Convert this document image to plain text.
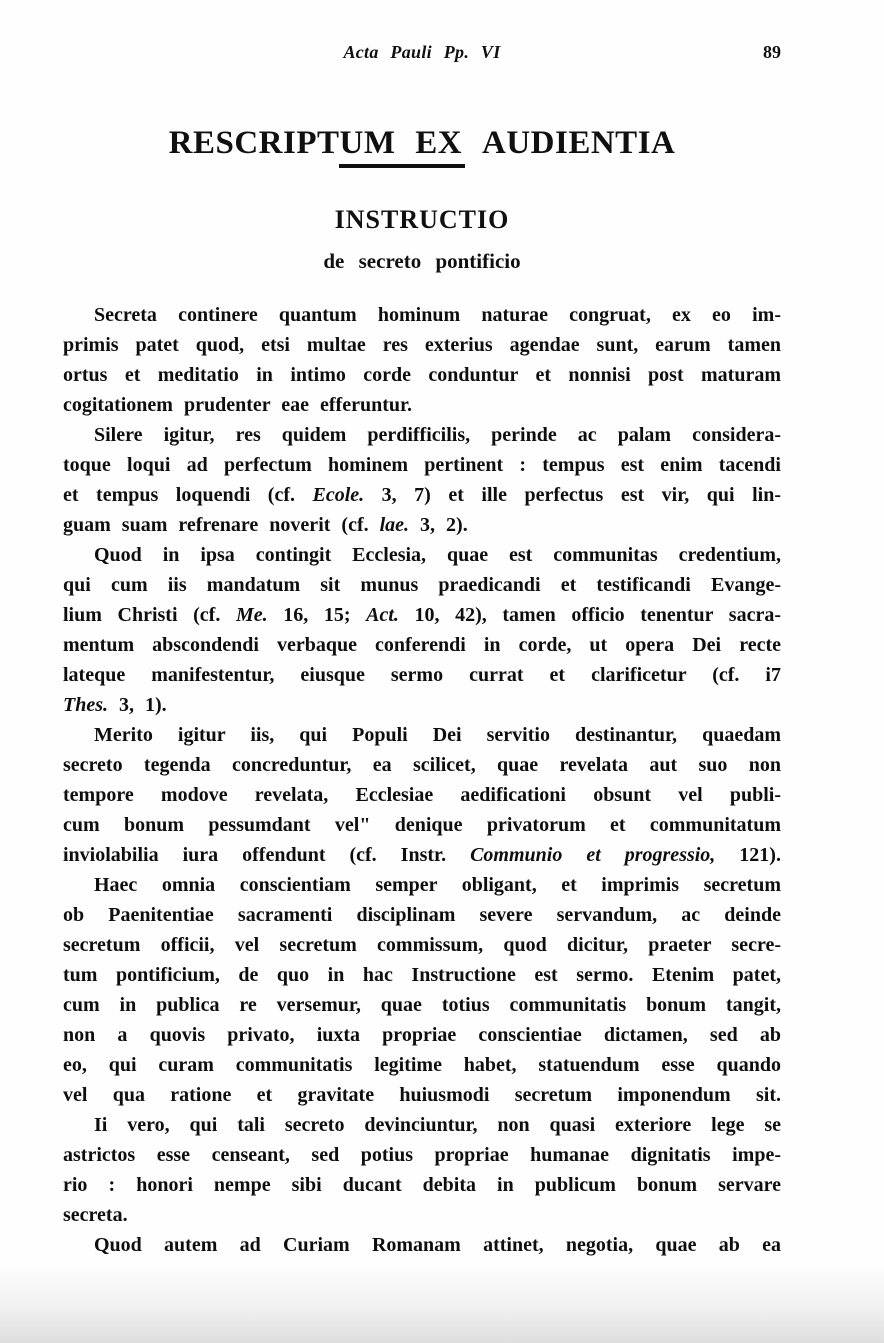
Acta Pauli Pp. VI	89
RESCRIPTUM EX AUDIENTIA
INSTRUCTIO
de secreto pontificio
Secreta continere quantum hominum naturae congruat, ex eo im-
primis patet quod, etsi multae res exterius agendae sunt, earum tamen
ortus et meditatio in intimo corde conduntur et nonnisi post maturam
cogitationem prudenter eae efferuntur.
Silere igitur, res quidem perdifficilis, perinde ac palam considera-
toque loqui ad perfectum hominem pertinent : tempus est enim tacendi
et tempus loquendi (cf. Ecole. 3, 7) et ille perfectus est vir, qui lin-
guam suam refrenare noverit (cf. lae. 3, 2).
Quod in ipsa contingit Ecclesia, quae est communitas credentium,
qui cum iis mandatum sit munus praedicandi et testificandi Evange-
lium Christi (cf. Me. 16, 15; Act. 10, 42), tamen officio tenentur sacra-
mentum abscondendi verbaque conferendi in corde, ut opera Dei recte
lateque manifestentur, eiusque sermo currat et clarificetur (cf. i7
Thes. 3, 1).
Merito igitur iis, qui Populi Dei servitio destinantur, quaedam
secreto tegenda concreduntur, ea scilicet, quae revelata aut suo non
tempore modove revelata, Ecclesiae aedificationi obsunt vel publi-
cum bonum pessumdant vel" denique privatorum et communitatum
inviolabilia iura offendunt (cf. Instr. Communio et progressio, 121).
Haec omnia conscientiam semper obligant, et imprimis secretum
ob Paenitentiae sacramenti disciplinam severe servandum, ac deinde
secretum officii, vel secretum commissum, quod dicitur, praeter secre-
tum pontificium, de quo in hac Instructione est sermo. Etenim patet,
cum in publica re versemur, quae totius communitatis bonum tangit,
non a quovis privato, iuxta propriae conscientiae dictamen, sed ab
eo, qui curam communitatis legitime habet, statuendum esse quando
vel qua ratione et gravitate huiusmodi secretum imponendum sit.
Ii vero, qui tali secreto devinciuntur, non quasi exteriore lege se
astrictos esse censeant, sed potius propriae humanae dignitatis impe-
rio : honori nempe sibi ducant debita in publicum bonum servare
secreta.
Quod autem ad Curiam Romanam attinet, negotia, quae ab ea
